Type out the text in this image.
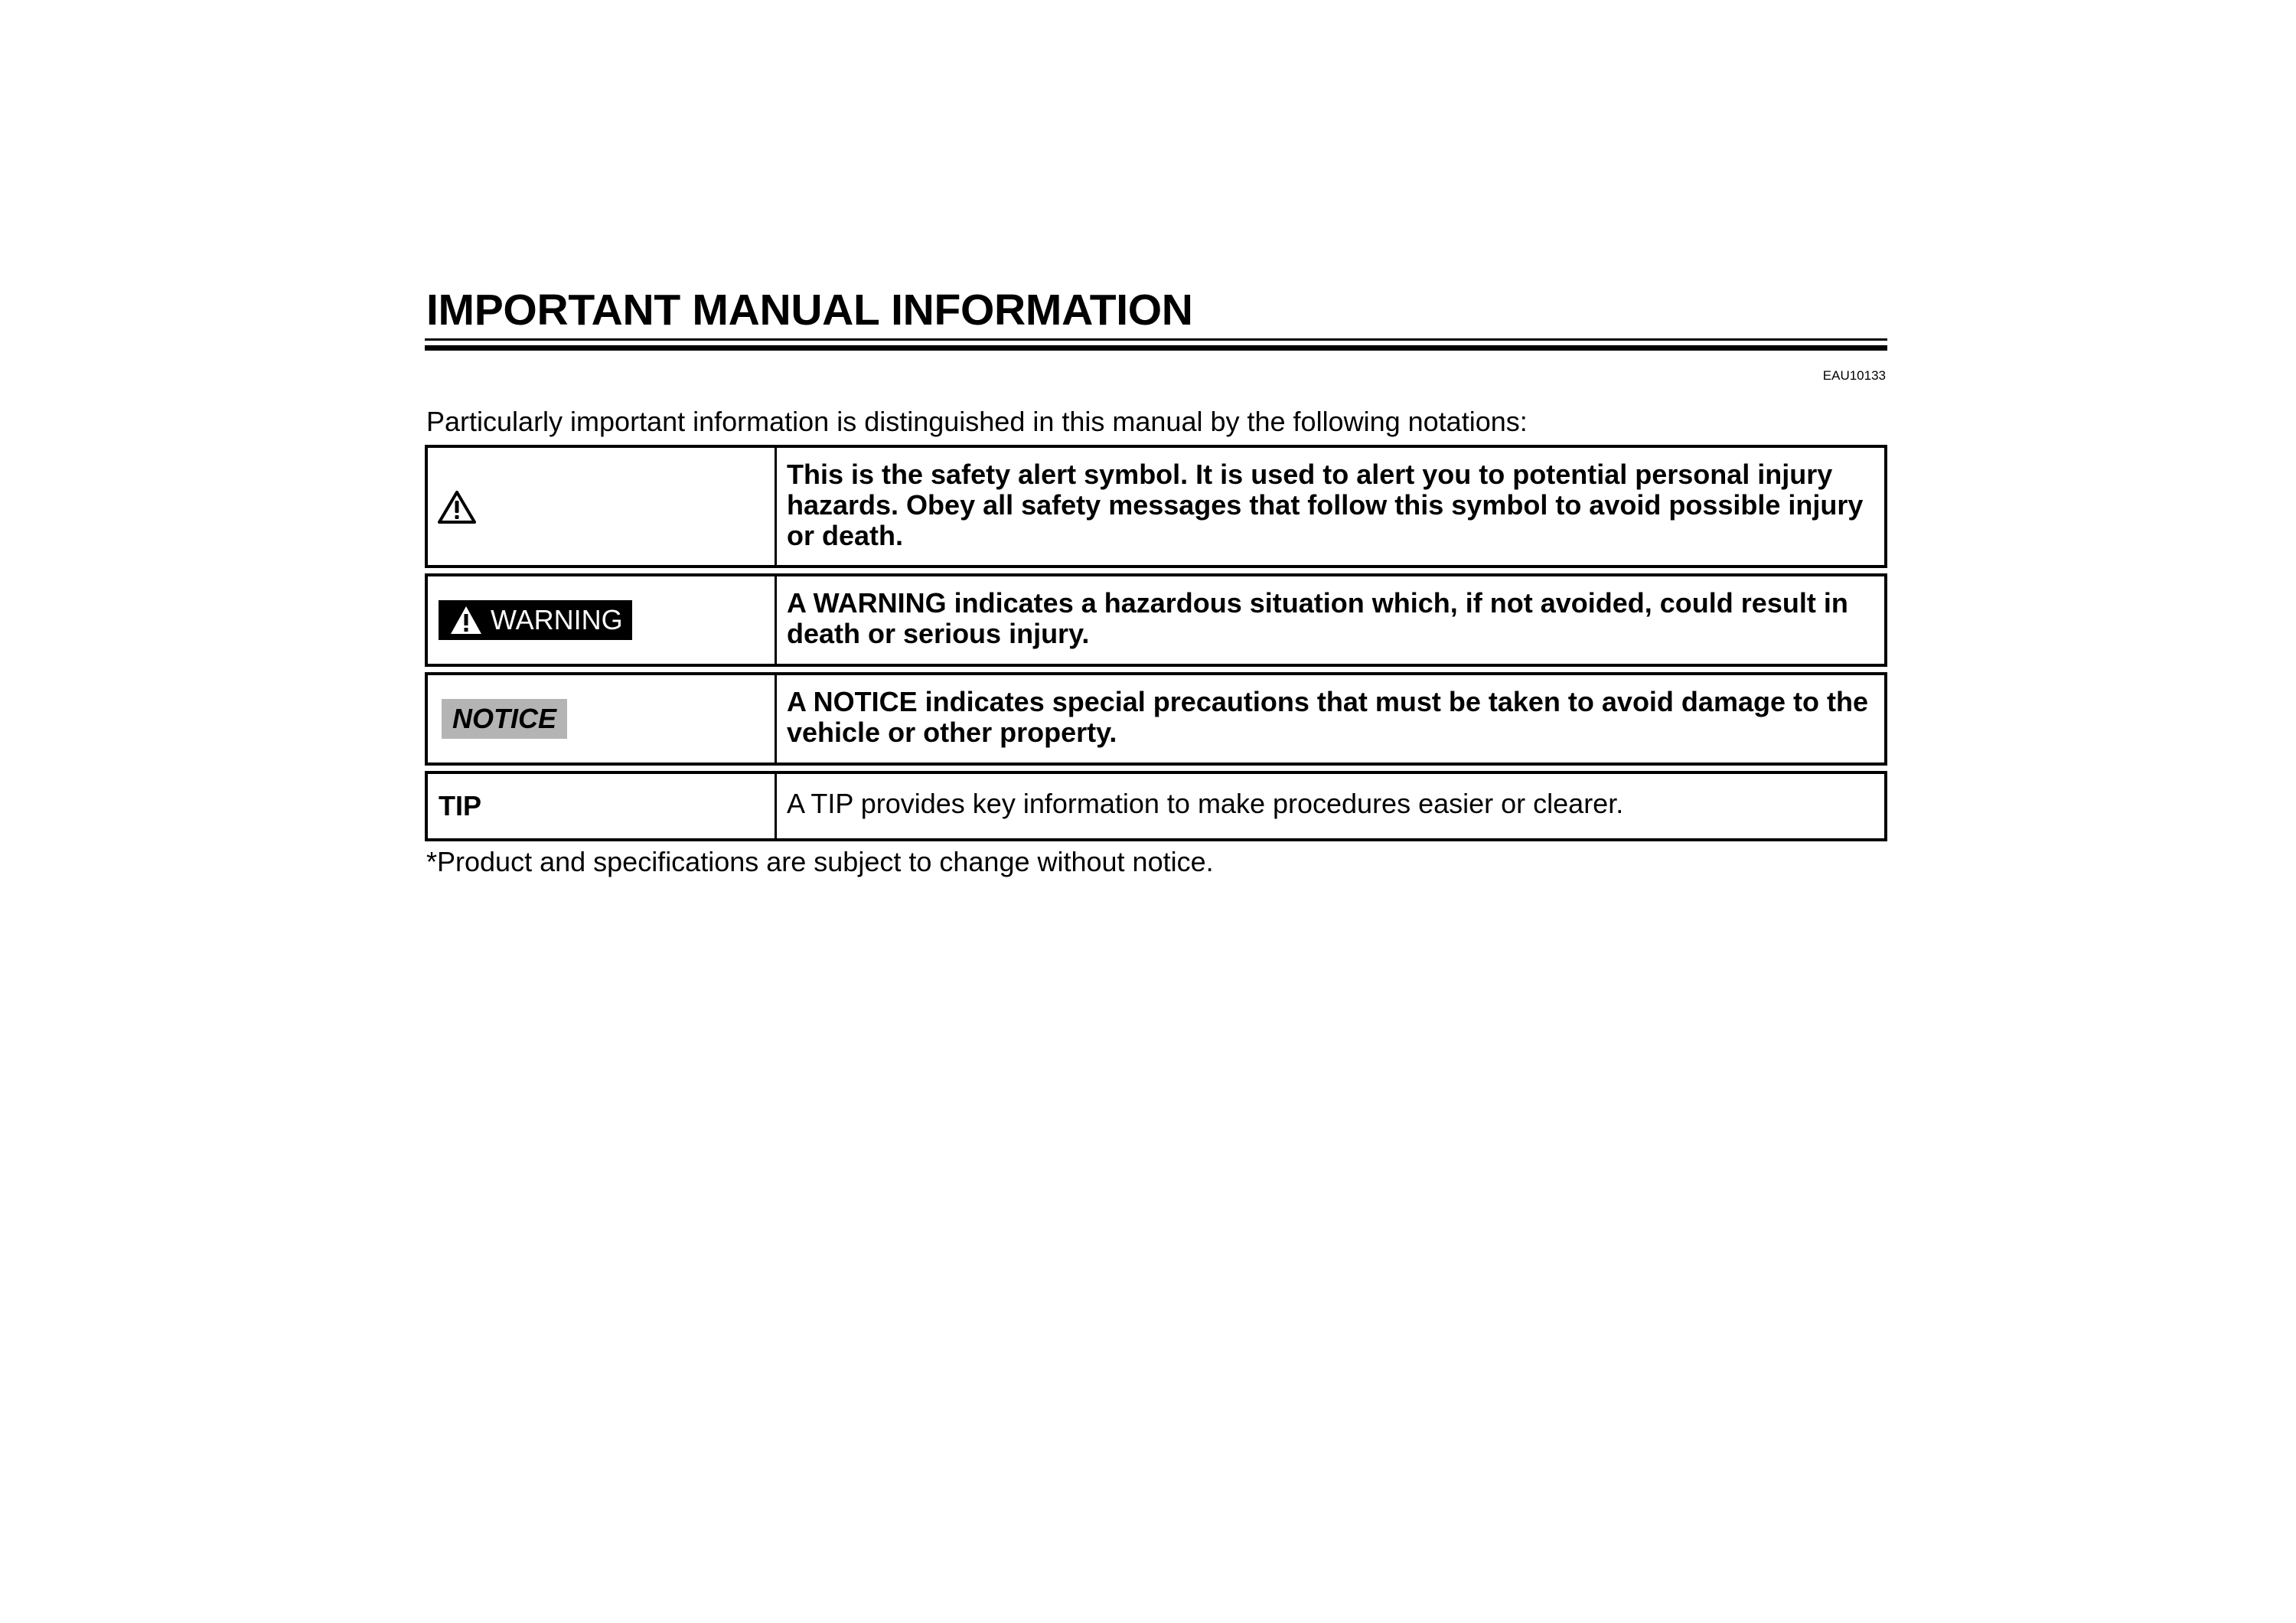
IMPORTANT MANUAL INFORMATION
EAU10133
Particularly important information is distinguished in this manual by the following notations:
This is the safety alert symbol. It is used to alert you to potential personal injury hazards. Obey all safety messages that follow this symbol to avoid possible injury or death.
WARNING
A WARNING indicates a hazardous situation which, if not avoided, could result in death or serious injury.
NOTICE
A NOTICE indicates special precautions that must be taken to avoid damage to the vehicle or other property.
TIP	A TIP provides key information to make procedures easier or clearer.
*Product and specifications are subject to change without notice.
